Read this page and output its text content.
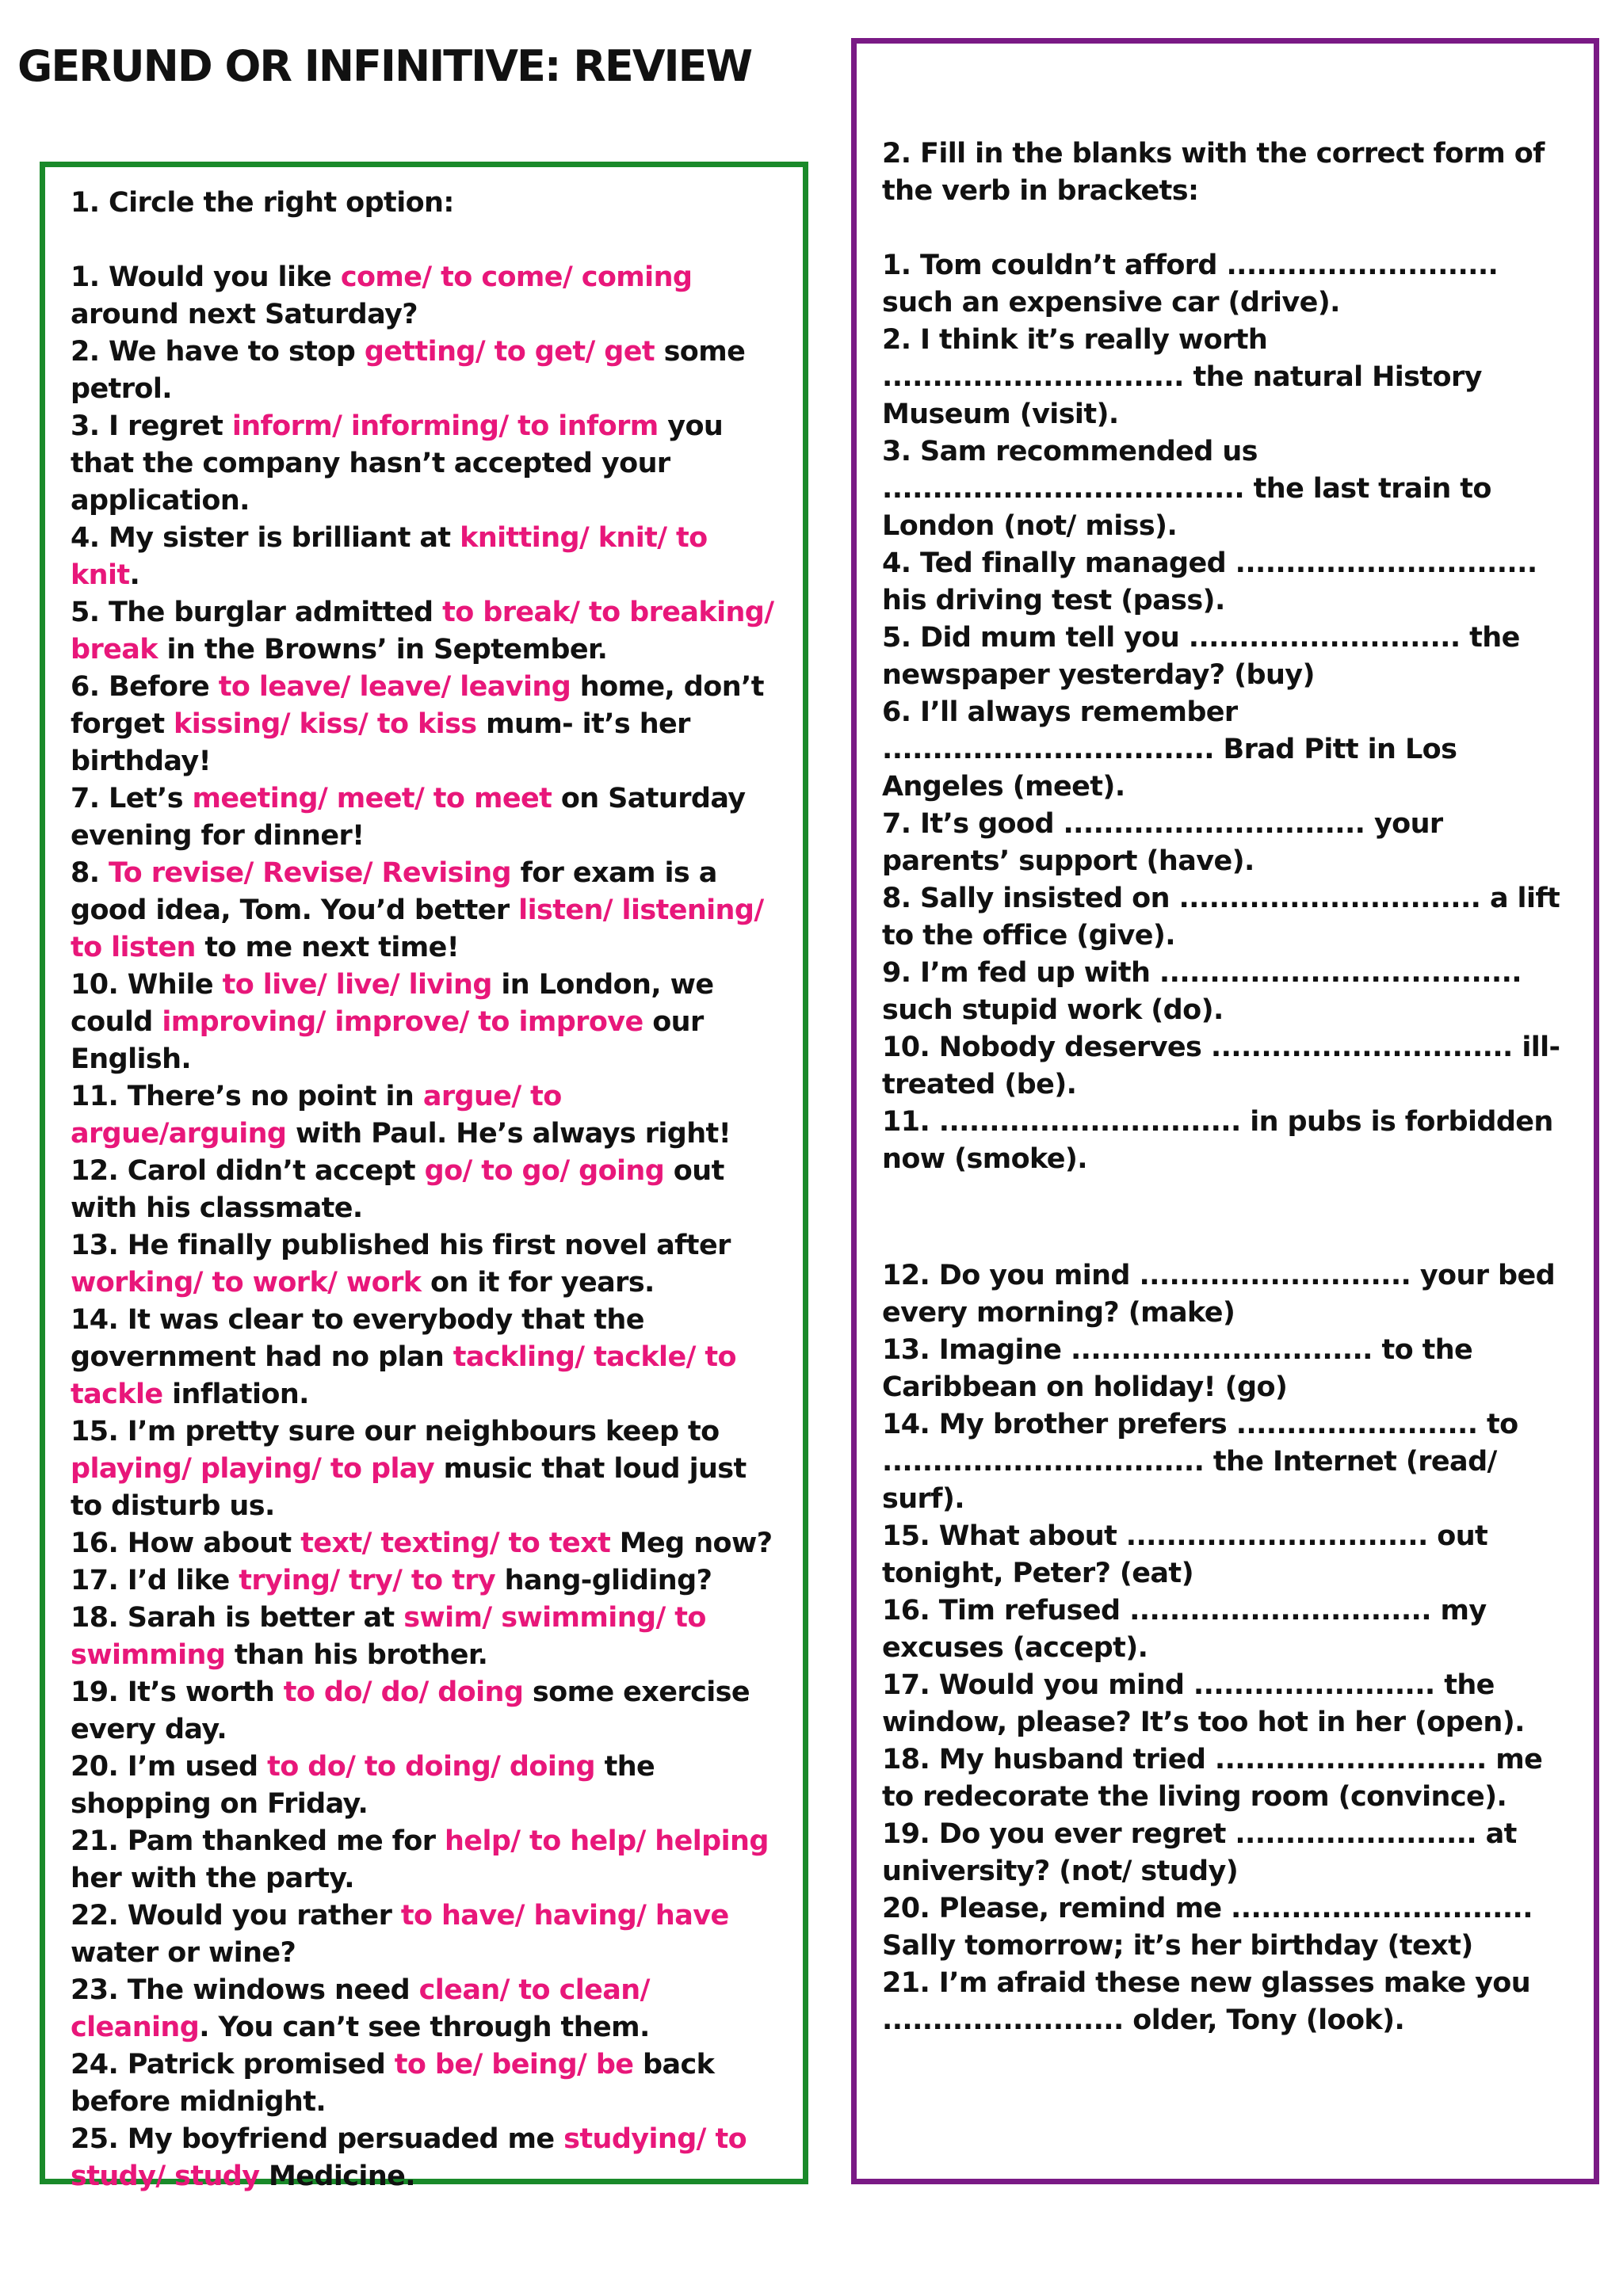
GERUND OR INFINITIVE: REVIEW
1. Circle the right option:
1. Would you like come/ to come/ coming around next Saturday?
2. We have to stop getting/ to get/ get some petrol.
3. I regret inform/ informing/ to inform you that the company hasn’t accepted your application.
4. My sister is brilliant at knitting/ knit/ to knit.
5. The burglar admitted to break/ to breaking/ break in the Browns’ in September.
6. Before to leave/ leave/ leaving home, don’t forget kissing/ kiss/ to kiss mum- it’s her birthday!
7. Let’s meeting/ meet/ to meet on Saturday evening for dinner!
8. To revise/ Revise/ Revising for exam is a good idea, Tom. You’d better listen/ listening/ to listen to me next time!
10. While to live/ live/ living in London, we could improving/ improve/ to improve our English.
11. There’s no point in argue/ to argue/arguing with Paul. He’s always right!
12. Carol didn’t accept go/ to go/ going out with his classmate.
13. He finally published his first novel after working/ to work/ work on it for years.
14. It was clear to everybody that the government had no plan tackling/ tackle/ to tackle inflation.
15. I’m pretty sure our neighbours keep to playing/ playing/ to play music that loud just to disturb us.
16. How about text/ texting/ to text Meg now?
17. I’d like trying/ try/ to try hang-gliding?
18. Sarah is better at swim/ swimming/ to swimming than his brother.
19. It’s worth to do/ do/ doing some exercise every day.
20. I’m used to do/ to doing/ doing the shopping on Friday.
21. Pam thanked me for help/ to help/ helping her with the party.
22. Would you rather to have/ having/ have water or wine?
23. The windows need clean/ to clean/ cleaning. You can’t see through them.
24. Patrick promised to be/ being/ be back before midnight.
25. My boyfriend persuaded me studying/ to study/ study Medicine.
2. Fill in the blanks with the correct form of the verb in brackets:
1. Tom couldn’t afford ........................... such an expensive car (drive).
2. I think it’s really worth .............................. the natural History Museum (visit).
3. Sam recommended us .................................... the last train to London (not/ miss).
4. Ted finally managed .............................. his driving test (pass).
5. Did mum tell you ........................... the newspaper yesterday? (buy)
6. I’ll always remember ................................. Brad Pitt in Los Angeles (meet).
7. It’s good .............................. your parents’ support (have).
8. Sally insisted on .............................. a lift to the office (give).
9. I’m fed up with .................................... such stupid work (do).
10. Nobody deserves .............................. ill-treated (be).
11. .............................. in pubs is forbidden now (smoke).
12. Do you mind ........................... your bed every morning? (make)
13. Imagine .............................. to the Caribbean on holiday! (go)
14. My brother prefers ........................ to ................................ the Internet (read/ surf).
15. What about .............................. out tonight, Peter? (eat)
16. Tim refused .............................. my excuses (accept).
17. Would you mind ........................ the window, please? It’s too hot in her (open).
18. My husband tried ........................... me to redecorate the living room (convince).
19. Do you ever regret ........................ at university? (not/ study)
20. Please, remind me .............................. Sally tomorrow; it’s her birthday (text)
21. I’m afraid these new glasses make you ........................ older, Tony (look).
